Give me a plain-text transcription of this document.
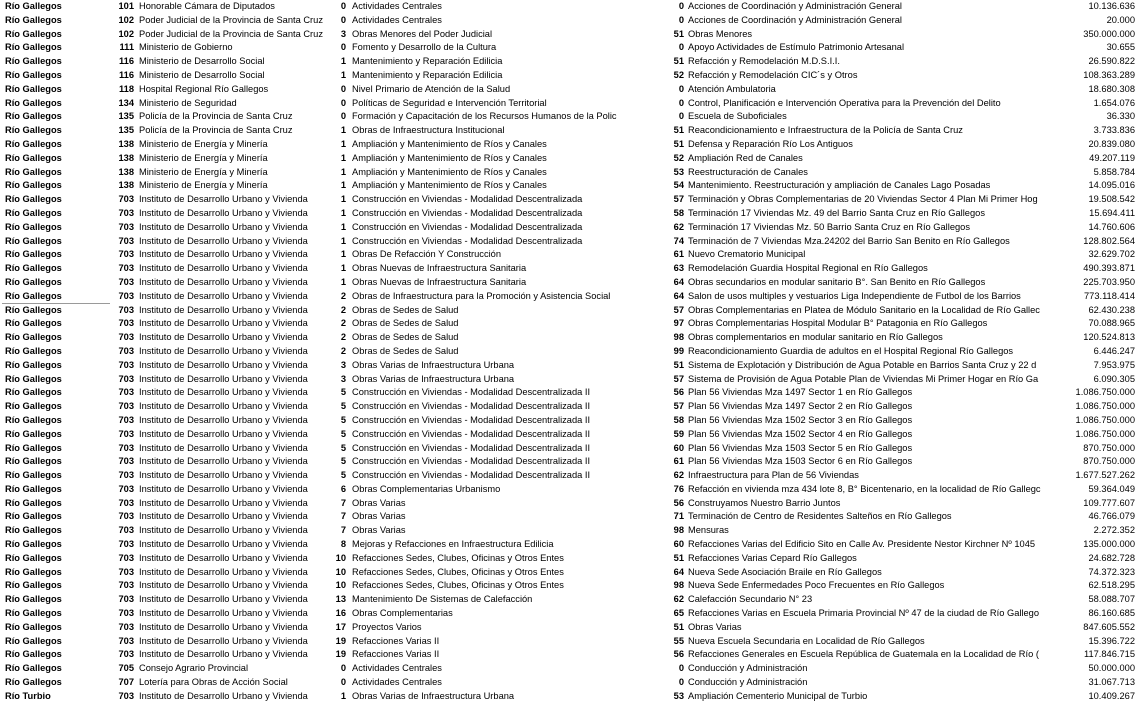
Río Gallegos	101 Honorable Cámara de Diputados	0 Actividades Centrales	0 Acciones de Coordinación y Administración General	10.136.636
Río Gallegos	102 Poder Judicial de la Provincia de Santa Cruz	0 Actividades Centrales	0 Acciones de Coordinación y Administración General	20.000
Río Gallegos	102 Poder Judicial de la Provincia de Santa Cruz	3 Obras Menores del Poder Judicial	51 Obras Menores	350.000.000
Río Gallegos	111 Ministerio de Gobierno	0 Fomento y Desarrollo de la Cultura	0 Apoyo Actividades de Estímulo Patrimonio Artesanal	30.655
Río Gallegos	116 Ministerio de Desarrollo Social	1 Mantenimiento y Reparación Edilicia	51 Refacción y Remodelación M.D.S.I.I.	26.590.822
Río Gallegos	116 Ministerio de Desarrollo Social	1 Mantenimiento y Reparación Edilicia	52 Refacción y Remodelación CIC´s y Otros	108.363.289
Río Gallegos	118 Hospital Regional Río Gallegos	0 Nivel Primario de Atención de la Salud	0 Atención Ambulatoria	18.680.308
Río Gallegos	134 Ministerio de Seguridad	0 Políticas de Seguridad e Intervención Territorial	0 Control, Planificación e Intervención Operativa para la Prevención del Delito	1.654.076
Río Gallegos	135 Policía de la Provincia de Santa Cruz	0 Formación y Capacitación de los Recursos Humanos de la Polic	0 Escuela de Suboficiales	36.330
Río Gallegos	135 Policía de la Provincia de Santa Cruz	1 Obras de Infraestructura Institucional	51 Reacondicionamiento e Infraestructura de la Policía de Santa Cruz	3.733.836
Río Gallegos	138 Ministerio de Energía y Minería	1 Ampliación y Mantenimiento de Ríos y Canales	51 Defensa y Reparación Río Los Antiguos	20.839.080
Río Gallegos	138 Ministerio de Energía y Minería	1 Ampliación y Mantenimiento de Ríos y Canales	52 Ampliación Red de Canales	49.207.119
Río Gallegos	138 Ministerio de Energía y Minería	1 Ampliación y Mantenimiento de Ríos y Canales	53 Reestructuración de Canales	5.858.784
Río Gallegos	138 Ministerio de Energía y Minería	1 Ampliación y Mantenimiento de Ríos y Canales	54 Mantenimiento. Reestructuración y ampliación de Canales Lago Posadas	14.095.016
Río Gallegos	703 Instituto de Desarrollo Urbano y Vivienda	1 Construcción en Viviendas - Modalidad Descentralizada	57 Terminación y Obras Complementarias de 20 Viviendas Sector 4 Plan Mi Primer Hog	19.508.542
Río Gallegos	703 Instituto de Desarrollo Urbano y Vivienda	1 Construcción en Viviendas - Modalidad Descentralizada	58 Terminación 17 Viviendas Mz. 49 del Barrio Santa Cruz en Río Gallegos	15.694.411
Río Gallegos	703 Instituto de Desarrollo Urbano y Vivienda	1 Construcción en Viviendas - Modalidad Descentralizada	62 Terminación 17 Viviendas Mz. 50 Barrio Santa Cruz en Río Gallegos	14.760.606
Río Gallegos	703 Instituto de Desarrollo Urbano y Vivienda	1 Construcción en Viviendas - Modalidad Descentralizada	74 Terminación de 7 Viviendas Mza.24202 del Barrio San Benito en Río Gallegos	128.802.564
Río Gallegos	703 Instituto de Desarrollo Urbano y Vivienda	1 Obras De Refacción Y Construcción	61 Nuevo Crematorio Municipal	32.629.702
Río Gallegos	703 Instituto de Desarrollo Urbano y Vivienda	1 Obras Nuevas de Infraestructura Sanitaria	63 Remodelación Guardia Hospital Regional en Río Gallegos	490.393.871
Río Gallegos	703 Instituto de Desarrollo Urbano y Vivienda	1 Obras Nuevas de Infraestructura Sanitaria	64 Obras secundarios en modular sanitario B°. San Benito en Río Gallegos	225.703.950
Río Gallegos	703 Instituto de Desarrollo Urbano y Vivienda	2 Obras de Infraestructura para la Promoción y Asistencia Social	64 Salon de usos multiples y vestuarios Liga Independiente de Futbol de los Barrios	773.118.414
Río Gallegos	703 Instituto de Desarrollo Urbano y Vivienda	2 Obras de Sedes de Salud	57 Obras Complementarias en Platea de Módulo Sanitario en la Localidad de Río Gallec	62.430.238
Río Gallegos	703 Instituto de Desarrollo Urbano y Vivienda	2 Obras de Sedes de Salud	97 Obras Complementarias Hospital Modular B° Patagonia en Río Gallegos	70.088.965
Río Gallegos	703 Instituto de Desarrollo Urbano y Vivienda	2 Obras de Sedes de Salud	98 Obras complementarios en modular sanitario en Río Gallegos	120.524.813
Río Gallegos	703 Instituto de Desarrollo Urbano y Vivienda	2 Obras de Sedes de Salud	99 Reacondicionamiento Guardia de adultos en el Hospital Regional Río Gallegos	6.446.247
Río Gallegos	703 Instituto de Desarrollo Urbano y Vivienda	3 Obras Varias de Infraestructura Urbana	51 Sistema de Explotación y Distribución de Agua Potable en Barrios Santa Cruz y 22 d	7.953.975
Río Gallegos	703 Instituto de Desarrollo Urbano y Vivienda	3 Obras Varias de Infraestructura Urbana	57 Sistema de Provisión de Agua Potable Plan de Viviendas Mi Primer Hogar en Río Ga	6.090.305
Río Gallegos	703 Instituto de Desarrollo Urbano y Vivienda	5 Construcción en Viviendas - Modalidad Descentralizada II	56 Plan 56 Viviendas Mza 1497 Sector 1 en Río Gallegos	1.086.750.000
Río Gallegos	703 Instituto de Desarrollo Urbano y Vivienda	5 Construcción en Viviendas - Modalidad Descentralizada II	57 Plan 56 Viviendas Mza 1497 Sector 2 en Río Gallegos	1.086.750.000
Río Gallegos	703 Instituto de Desarrollo Urbano y Vivienda	5 Construcción en Viviendas - Modalidad Descentralizada II	58 Plan 56 Viviendas Mza 1502 Sector 3 en Río Gallegos	1.086.750.000
Río Gallegos	703 Instituto de Desarrollo Urbano y Vivienda	5 Construcción en Viviendas - Modalidad Descentralizada II	59 Plan 56 Viviendas Mza 1502 Sector 4 en Río Gallegos	1.086.750.000
Río Gallegos	703 Instituto de Desarrollo Urbano y Vivienda	5 Construcción en Viviendas - Modalidad Descentralizada II	60 Plan 56 Viviendas Mza 1503 Sector 5 en Río Gallegos	870.750.000
Río Gallegos	703 Instituto de Desarrollo Urbano y Vivienda	5 Construcción en Viviendas - Modalidad Descentralizada II	61 Plan 56 Viviendas Mza 1503 Sector 6 en Río Gallegos	870.750.000
Río Gallegos	703 Instituto de Desarrollo Urbano y Vivienda	5 Construcción en Viviendas - Modalidad Descentralizada II	62 Infraestructura para Plan de 56 Viviendas	1.677.527.262
Río Gallegos	703 Instituto de Desarrollo Urbano y Vivienda	6 Obras Complementarias Urbanismo	76 Refacción en vivienda mza 434 lote 8, B° Bicentenario, en la localidad de Río Gallegc	59.364.049
Río Gallegos	703 Instituto de Desarrollo Urbano y Vivienda	7 Obras Varias	56 Construyamos Nuestro Barrio Juntos	109.777.607
Río Gallegos	703 Instituto de Desarrollo Urbano y Vivienda	7 Obras Varias	71 Terminación de Centro de Residentes Salteños en Río Gallegos	46.766.079
Río Gallegos	703 Instituto de Desarrollo Urbano y Vivienda	7 Obras Varias	98 Mensuras	2.272.352
Río Gallegos	703 Instituto de Desarrollo Urbano y Vivienda	8 Mejoras y Refacciones en Infraestructura Edilicia	60 Refacciones Varias del Edificio Sito en Calle Av. Presidente Nestor Kirchner Nº 1045	135.000.000
Río Gallegos	703 Instituto de Desarrollo Urbano y Vivienda	10 Refacciones Sedes, Clubes, Oficinas y Otros Entes	51 Refacciones Varias Cepard Río Gallegos	24.682.728
Río Gallegos	703 Instituto de Desarrollo Urbano y Vivienda	10 Refacciones Sedes, Clubes, Oficinas y Otros Entes	64 Nueva Sede Asociación Braile en Río Gallegos	74.372.323
Río Gallegos	703 Instituto de Desarrollo Urbano y Vivienda	10 Refacciones Sedes, Clubes, Oficinas y Otros Entes	98 Nueva Sede Enfermedades Poco Frecuentes en Río Gallegos	62.518.295
Río Gallegos	703 Instituto de Desarrollo Urbano y Vivienda	13 Mantenimiento De Sistemas de Calefacción	62 Calefacción Secundario N° 23	58.088.707
Río Gallegos	703 Instituto de Desarrollo Urbano y Vivienda	16 Obras Complementarias	65 Refacciones Varias en Escuela Primaria Provincial Nº 47 de la ciudad de Río Gallego	86.160.685
Río Gallegos	703 Instituto de Desarrollo Urbano y Vivienda	17 Proyectos Varios	51 Obras Varias	847.605.552
Río Gallegos	703 Instituto de Desarrollo Urbano y Vivienda	19 Refacciones Varias II	55 Nueva Escuela Secundaria en Localidad de Río Gallegos	15.396.722
Río Gallegos	703 Instituto de Desarrollo Urbano y Vivienda	19 Refacciones Varias II	56 Refacciones Generales en Escuela República de Guatemala en la Localidad de Río (	117.846.715
Río Gallegos	705 Consejo Agrario Provincial	0 Actividades Centrales	0 Conducción y Administración	50.000.000
Río Gallegos	707 Lotería para Obras de Acción Social	0 Actividades Centrales	0 Conducción y Administración	31.067.713
Río Turbio	703 Instituto de Desarrollo Urbano y Vivienda	1 Obras Varias de Infraestructura Urbana	53 Ampliación Cementerio Municipal de Turbio	10.409.267
